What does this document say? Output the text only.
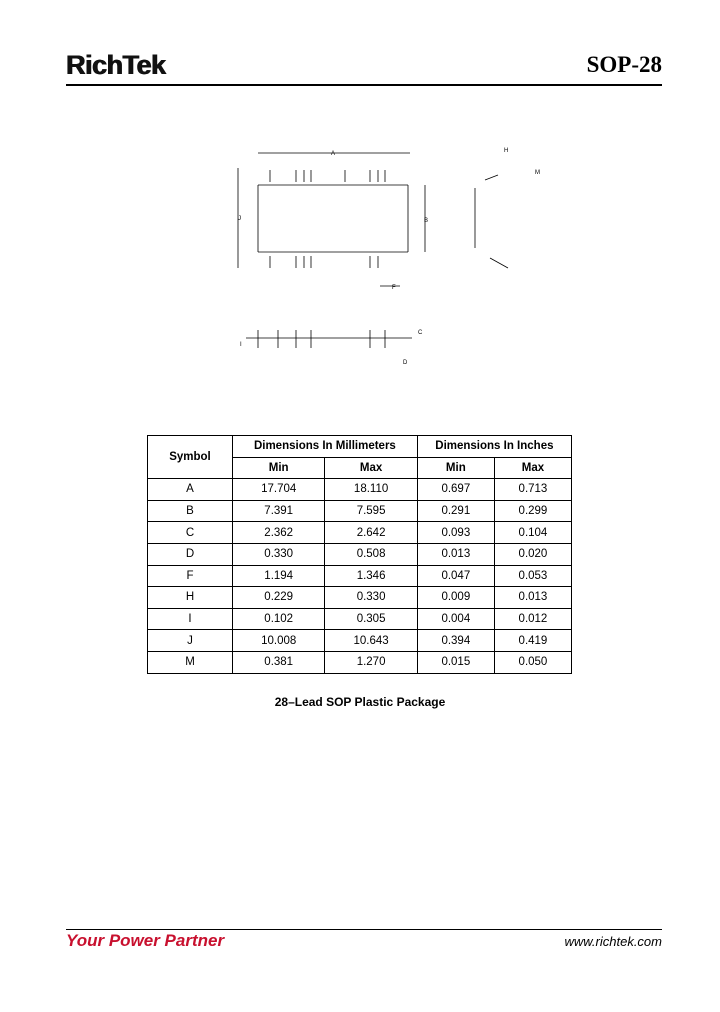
RichTek	SOP-28
A
J	B
F
H
M
C
D
I
Symbol	Dimensions In Millimeters		Dimensions In Inches	
	Min	Max	Min	Max
A	17.704	18.110	0.697	0.713
B	7.391	7.595	0.291	0.299
C	2.362	2.642	0.093	0.104
D	0.330	0.508	0.013	0.020
F	1.194	1.346	0.047	0.053
H	0.229	0.330	0.009	0.013
I	0.102	0.305	0.004	0.012
J	10.008	10.643	0.394	0.419
M	0.381	1.270	0.015	0.050
28–Lead SOP Plastic Package
Your Power Partner	www.richtek.com
